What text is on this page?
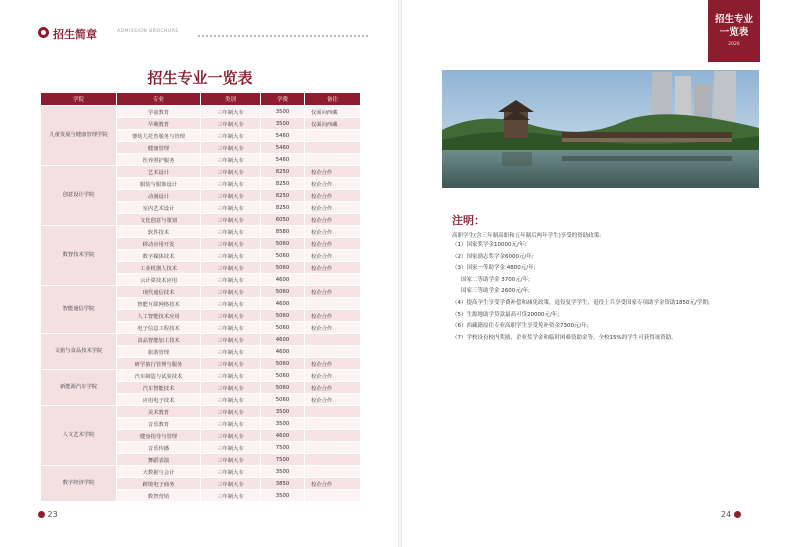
招生简章	ADMISSION BROCHURE
招生专业一览表
学院	专业	类别	学费	备注
儿童发展与健康管理学院	学前教育	三年制大专	3500	仅面向西藏
	早期教育	三年制大专	3500	仅面向西藏
	婴幼儿托育服务与管理	三年制大专	5460	
	健康管理	三年制大专	5460	
	医养照护服务	三年制大专	5460	
创意设计学院	艺术设计	三年制大专	8250	校企合作
	服装与服饰设计	三年制大专	8250	校企合作
	动漫设计	三年制大专	8250	校企合作
	室内艺术设计	三年制大专	8250	校企合作
	文化创意与策划	三年制大专	6050	校企合作
数智技术学院	软件技术	三年制大专	8580	校企合作
	移动应用开发	三年制大专	5060	校企合作
	数字媒体技术	三年制大专	5060	校企合作
	工业机器人技术	三年制大专	5060	校企合作
	云计算技术应用	三年制大专	4600	
智能通信学院	现代通信技术	三年制大专	5060	校企合作
	智能互联网络技术	三年制大专	4600	
	人工智能技术应用	三年制大专	5060	校企合作
	电子信息工程技术	三年制大专	5060	校企合作
文旅与食品技术学院	食品智能加工技术	三年制大专	4600	
	旅游管理	三年制大专	4600	
	研学旅行管理与服务	三年制大专	5060	校企合作
新能源汽车学院	汽车制造与试验技术	三年制大专	5060	校企合作
	汽车智能技术	三年制大专	5060	校企合作
	应用电子技术	三年制大专	5060	校企合作
人文艺术学院	美术教育	三年制大专	3500	
	音乐教育	三年制大专	3500	
	健身指导与管理	三年制大专	4600	
	音乐传播	三年制大专	7500	
	舞蹈表演	三年制大专	7500	
数字经济学院	大数据与会计	三年制大专	3500	
	跨境电子商务	三年制大专	3850	校企合作
	数智营销	三年制大专	3500	
23
招生专业
一览表
2026
注明：
高职学生(含三年制高职和五年制后两年学生)享受的资助政策:
（1）国家奖学金10000元/年;
（2）国家励志奖学金6000元/年;
（3）国家一等助学金 4800元/年;
国家二等助学金 3700元/年;
国家三等助学金 2600元/年;
（4）提高孕生享受学费补偿和减免政策，退役复学学生，退役士兵享受国家专项助学金资助1850元/学期;
（5）生源地助学贷款最高可贷20000元/年;
（6）西藏籍原住专业高职学生享受免补资金7300元/年;
（7）学校设有校内奖励、企业奖学金和临时困难资助金等，全校15%的学生可获得该资助。
24
